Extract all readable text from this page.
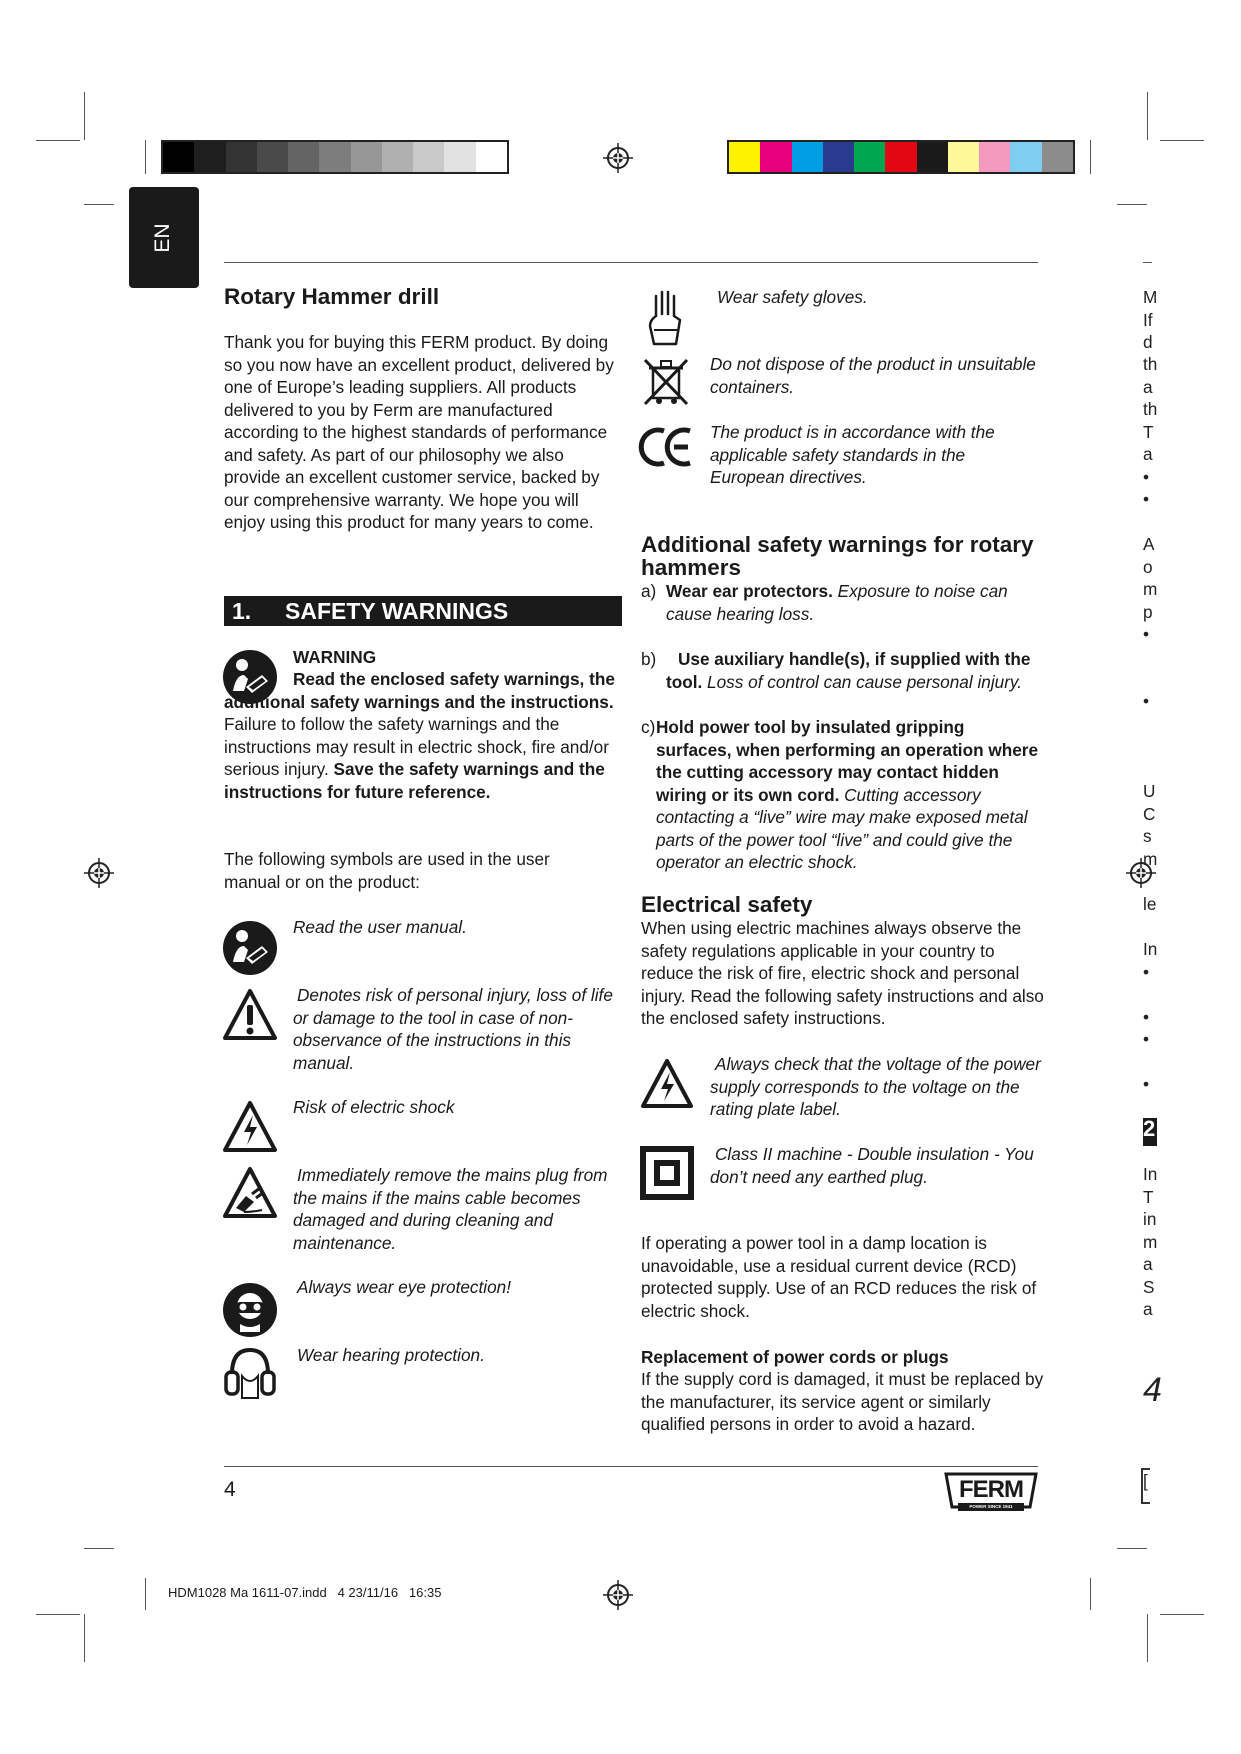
EN
Rotary Hammer drill

Thank you for buying this FERM product. By doing so you now have an excellent product, delivered by one of Europe’s leading suppliers. All products delivered to you by Ferm are manufactured according to the highest standards of performance and safety. As part of our philosophy we also provide an excellent customer service, backed by our comprehensive warranty. We hope you will enjoy using this product for many years to come.

1. SAFETY WARNINGS
WARNING
Read the enclosed safety warnings, the additional safety warnings and the instructions. Failure to follow the safety warnings and the instructions may result in electric shock, fire and/or serious injury. Save the safety warnings and the instructions for future reference.

The following symbols are used in the user manual or on the product:

Read the user manual.
Denotes risk of personal injury, loss of life or damage to the tool in case of non-observance of the instructions in this manual.
Risk of electric shock
Immediately remove the mains plug from the mains if the mains cable becomes damaged and during cleaning and maintenance.
Always wear eye protection!
Wear hearing protection.
Wear safety gloves.
Do not dispose of the product in unsuitable containers.
The product is in accordance with the applicable safety standards in the European directives.
Additional safety warnings for rotary hammers
a) Wear ear protectors. Exposure to noise can cause hearing loss.
b)	Use auxiliary handle(s), if supplied with the tool. Loss of control can cause personal injury.
c) Hold power tool by insulated gripping surfaces, when performing an operation where the cutting accessory may contact hidden wiring or its own cord. Cutting accessory contacting a “live” wire may make exposed metal parts of the power tool “live” and could give the operator an electric shock.
Electrical safety

When using electric machines always observe the safety regulations applicable in your country to reduce the risk of fire, electric shock and personal injury. Read the following safety instructions and also the enclosed safety instructions.

Always check that the voltage of the power supply corresponds to the voltage on the rating plate label.
Class II machine - Double insulation - You don’t need any earthed plug.

If operating a power tool in a damp location is unavoidable, use a residual current device (RCD) protected supply. Use of an RCD reduces the risk of electric shock.

Replacement of power cords or plugs

If the supply cord is damaged, it must be replaced by the manufacturer, its service agent or similarly qualified persons in order to avoid a hazard.

M
If
d
th
a
th
T
a
•
•
A
o
m
p
•
•
U
C
s
m
le
In
•
•
•
•
2
In
T
in
m
a
S
a
4
[
4	FERM
POWER SINCE 1941
HDM1028 Ma 1611-07.indd   4 23/11/16   16:35
